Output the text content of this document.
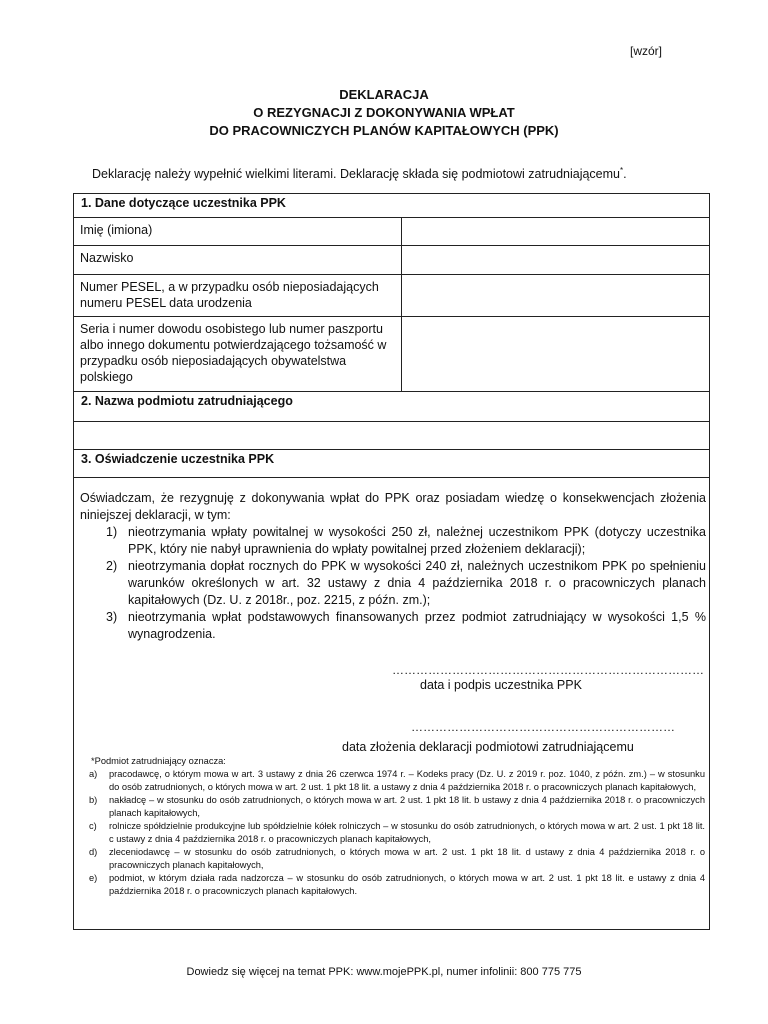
[wzór]
DEKLARACJA
O REZYGNACJI Z DOKONYWANIA WPŁAT
DO PRACOWNICZYCH PLANÓW KAPITAŁOWYCH (PPK)
Deklarację należy wypełnić wielkimi literami. Deklarację składa się podmiotowi zatrudniającemu*.
1. Dane dotyczące uczestnika PPK
Imię (imiona)
Nazwisko
Numer PESEL, a w przypadku osób nieposiadających numeru PESEL data urodzenia
Seria i numer dowodu osobistego lub numer paszportu albo innego dokumentu potwierdzającego tożsamość w przypadku osób nieposiadających obywatelstwa polskiego
2. Nazwa podmiotu zatrudniającego
3. Oświadczenie uczestnika PPK

Oświadczam, że rezygnuję z dokonywania wpłat do PPK oraz posiadam wiedzę o konsekwencjach złożenia niniejszej deklaracji, w tym:

1) nieotrzymania wpłaty powitalnej w wysokości 250 zł, należnej uczestnikom PPK (dotyczy uczestnika PPK, który nie nabył uprawnienia do wpłaty powitalnej przed złożeniem deklaracji);
2) nieotrzymania dopłat rocznych do PPK w wysokości 240 zł, należnych uczestnikom PPK po spełnieniu warunków określonych w art. 32 ustawy z dnia 4 października 2018 r. o pracowniczych planach kapitałowych (Dz. U. z 2018r., poz. 2215, z późn. zm.);
3) nieotrzymania wpłat podstawowych finansowanych przez podmiot zatrudniający w wysokości 1,5 % wynagrodzenia.
……………………………………………………………………
data i podpis uczestnika PPK
…………………………………………………………
data złożenia deklaracji podmiotowi zatrudniającemu
*Podmiot zatrudniający oznacza:
a) pracodawcę, o którym mowa w art. 3 ustawy z dnia 26 czerwca 1974 r. – Kodeks pracy (Dz. U. z 2019 r. poz. 1040, z późn. zm.) – w stosunku do osób zatrudnionych, o których mowa w art. 2 ust. 1 pkt 18 lit. a ustawy z dnia 4 października 2018 r. o pracowniczych planach kapitałowych,
b) nakładcę – w stosunku do osób zatrudnionych, o których mowa w art. 2 ust. 1 pkt 18 lit. b ustawy z dnia 4 października 2018 r. o pracowniczych planach kapitałowych,
c) rolnicze spółdzielnie produkcyjne lub spółdzielnie kółek rolniczych – w stosunku do osób zatrudnionych, o których mowa w art. 2 ust. 1 pkt 18 lit. c ustawy z dnia 4 października 2018 r. o pracowniczych planach kapitałowych,
d) zleceniodawcę – w stosunku do osób zatrudnionych, o których mowa w art. 2 ust. 1 pkt 18 lit. d ustawy z dnia 4 października 2018 r. o pracowniczych planach kapitałowych,
e) podmiot, w którym działa rada nadzorcza – w stosunku do osób zatrudnionych, o których mowa w art. 2 ust. 1 pkt 18 lit. e ustawy z dnia 4 października 2018 r. o pracowniczych planach kapitałowych.
Dowiedz się więcej na temat PPK: www.mojePPK.pl, numer infolinii: 800 775 775
